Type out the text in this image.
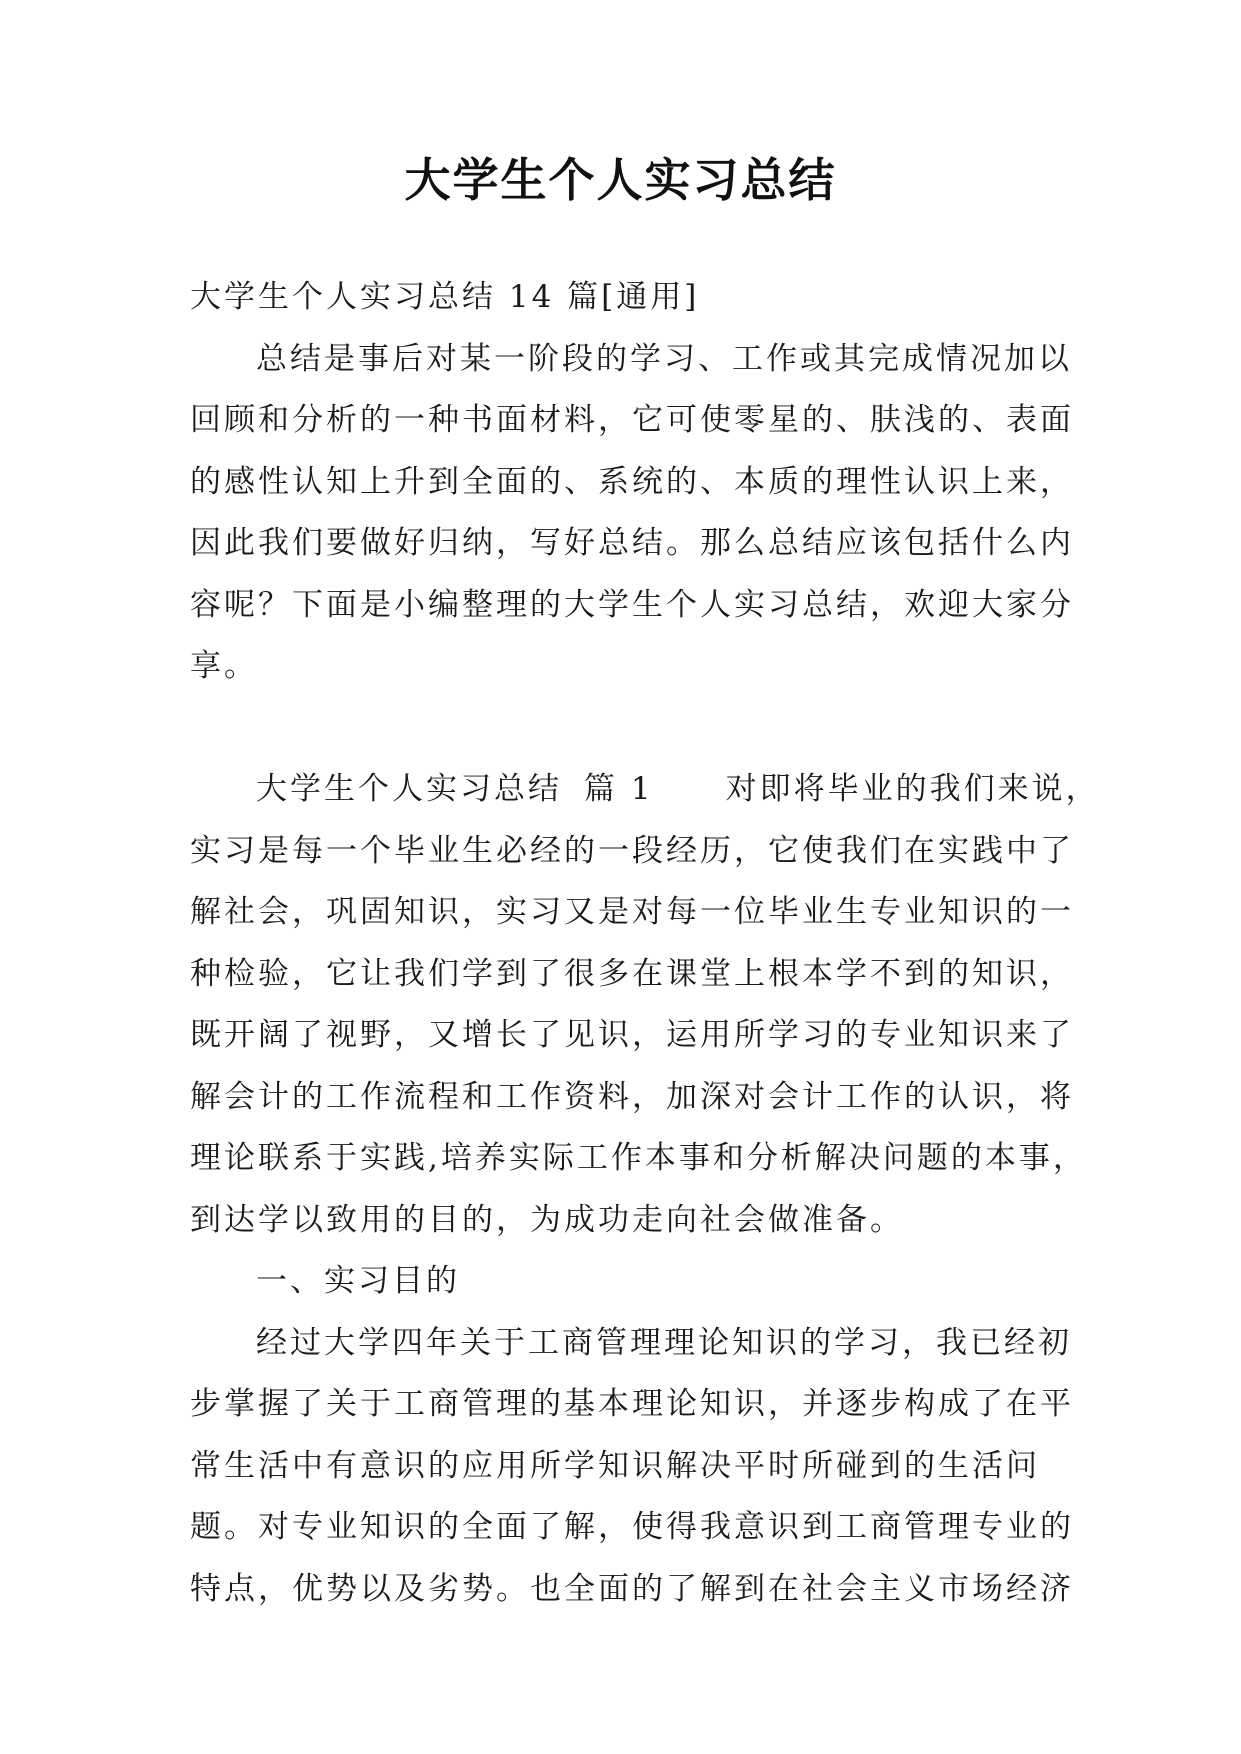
大学生个人实习总结

大学生个人实习总结 14 篇[通用]

总结是事后对某一阶段的学习、工作或其完成情况加以

回顾和分析的一种书面材料，它可使零星的、肤浅的、表面

的感性认知上升到全面的、系统的、本质的理性认识上来，

因此我们要做好归纳，写好总结。那么总结应该包括什么内

容呢？下面是小编整理的大学生个人实习总结，欢迎大家分

享。

大学生个人实习总结 篇 1 对即将毕业的我们来说，

实习是每一个毕业生必经的一段经历，它使我们在实践中了

解社会，巩固知识，实习又是对每一位毕业生专业知识的一

种检验，它让我们学到了很多在课堂上根本学不到的知识，

既开阔了视野，又增长了见识，运用所学习的专业知识来了

解会计的工作流程和工作资料，加深对会计工作的认识，将

理论联系于实践,培养实际工作本事和分析解决问题的本事，

到达学以致用的目的，为成功走向社会做准备。

一、实习目的

经过大学四年关于工商管理理论知识的学习，我已经初

步掌握了关于工商管理的基本理论知识，并逐步构成了在平

常生活中有意识的应用所学知识解决平时所碰到的生活问

题。对专业知识的全面了解，使得我意识到工商管理专业的

特点，优势以及劣势。也全面的了解到在社会主义市场经济
